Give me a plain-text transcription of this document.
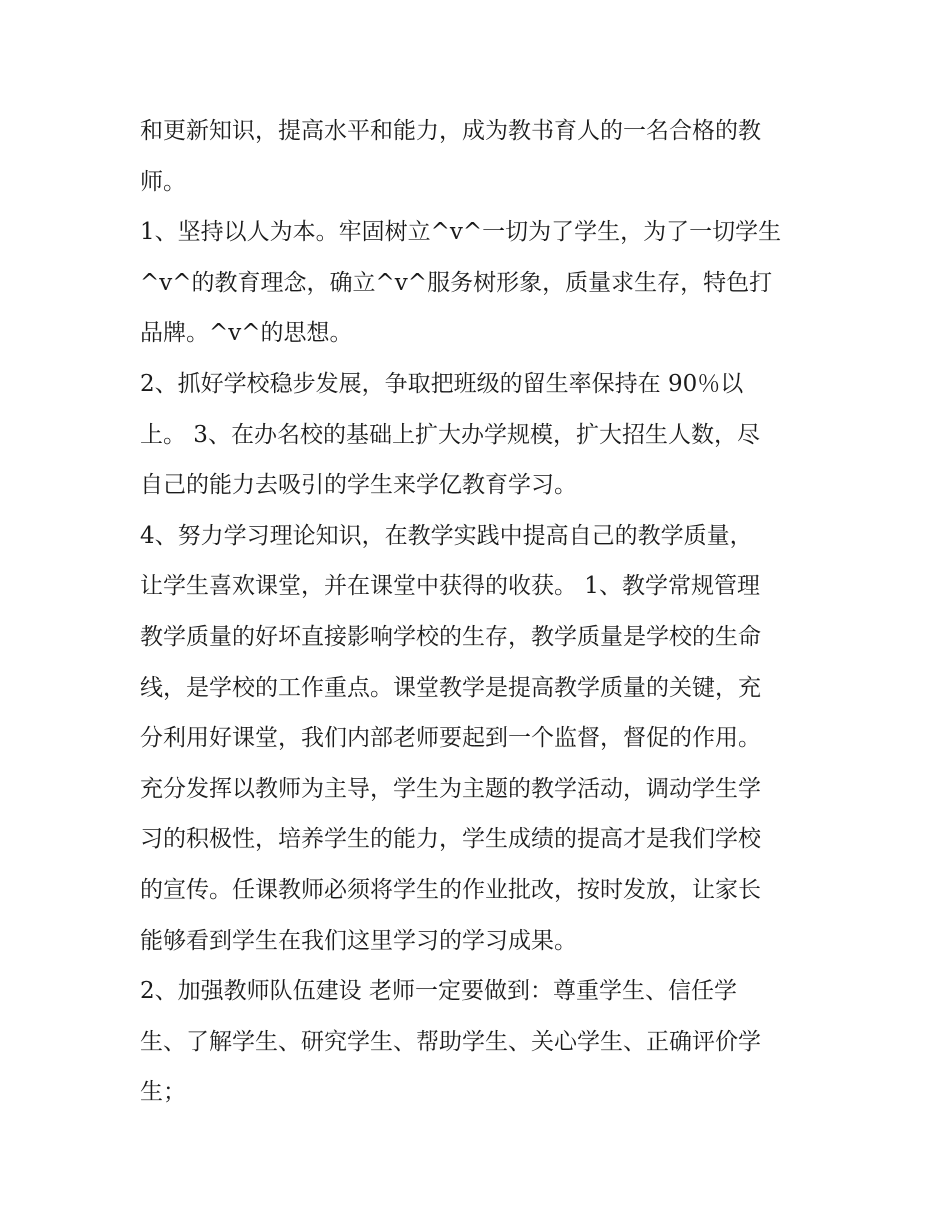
和更新知识，提高水平和能力，成为教书育人的一名合格的教
师。
1、坚持以人为本。牢固树立^v^一切为了学生，为了一切学生
^v^的教育理念，确立^v^服务树形象，质量求生存，特色打
品牌。^v^的思想。
2、抓好学校稳步发展，争取把班级的留生率保持在 90％以
上。 3、在办名校的基础上扩大办学规模，扩大招生人数，尽
自己的能力去吸引的学生来学亿教育学习。
4、努力学习理论知识，在教学实践中提高自己的教学质量，
让学生喜欢课堂，并在课堂中获得的收获。 1、教学常规管理
教学质量的好坏直接影响学校的生存，教学质量是学校的生命
线，是学校的工作重点。课堂教学是提高教学质量的关键，充
分利用好课堂，我们内部老师要起到一个监督，督促的作用。
充分发挥以教师为主导，学生为主题的教学活动，调动学生学
习的积极性，培养学生的能力，学生成绩的提高才是我们学校
的宣传。任课教师必须将学生的作业批改，按时发放，让家长
能够看到学生在我们这里学习的学习成果。
2、加强教师队伍建设 老师一定要做到：尊重学生、信任学
生、了解学生、研究学生、帮助学生、关心学生、正确评价学
生；
